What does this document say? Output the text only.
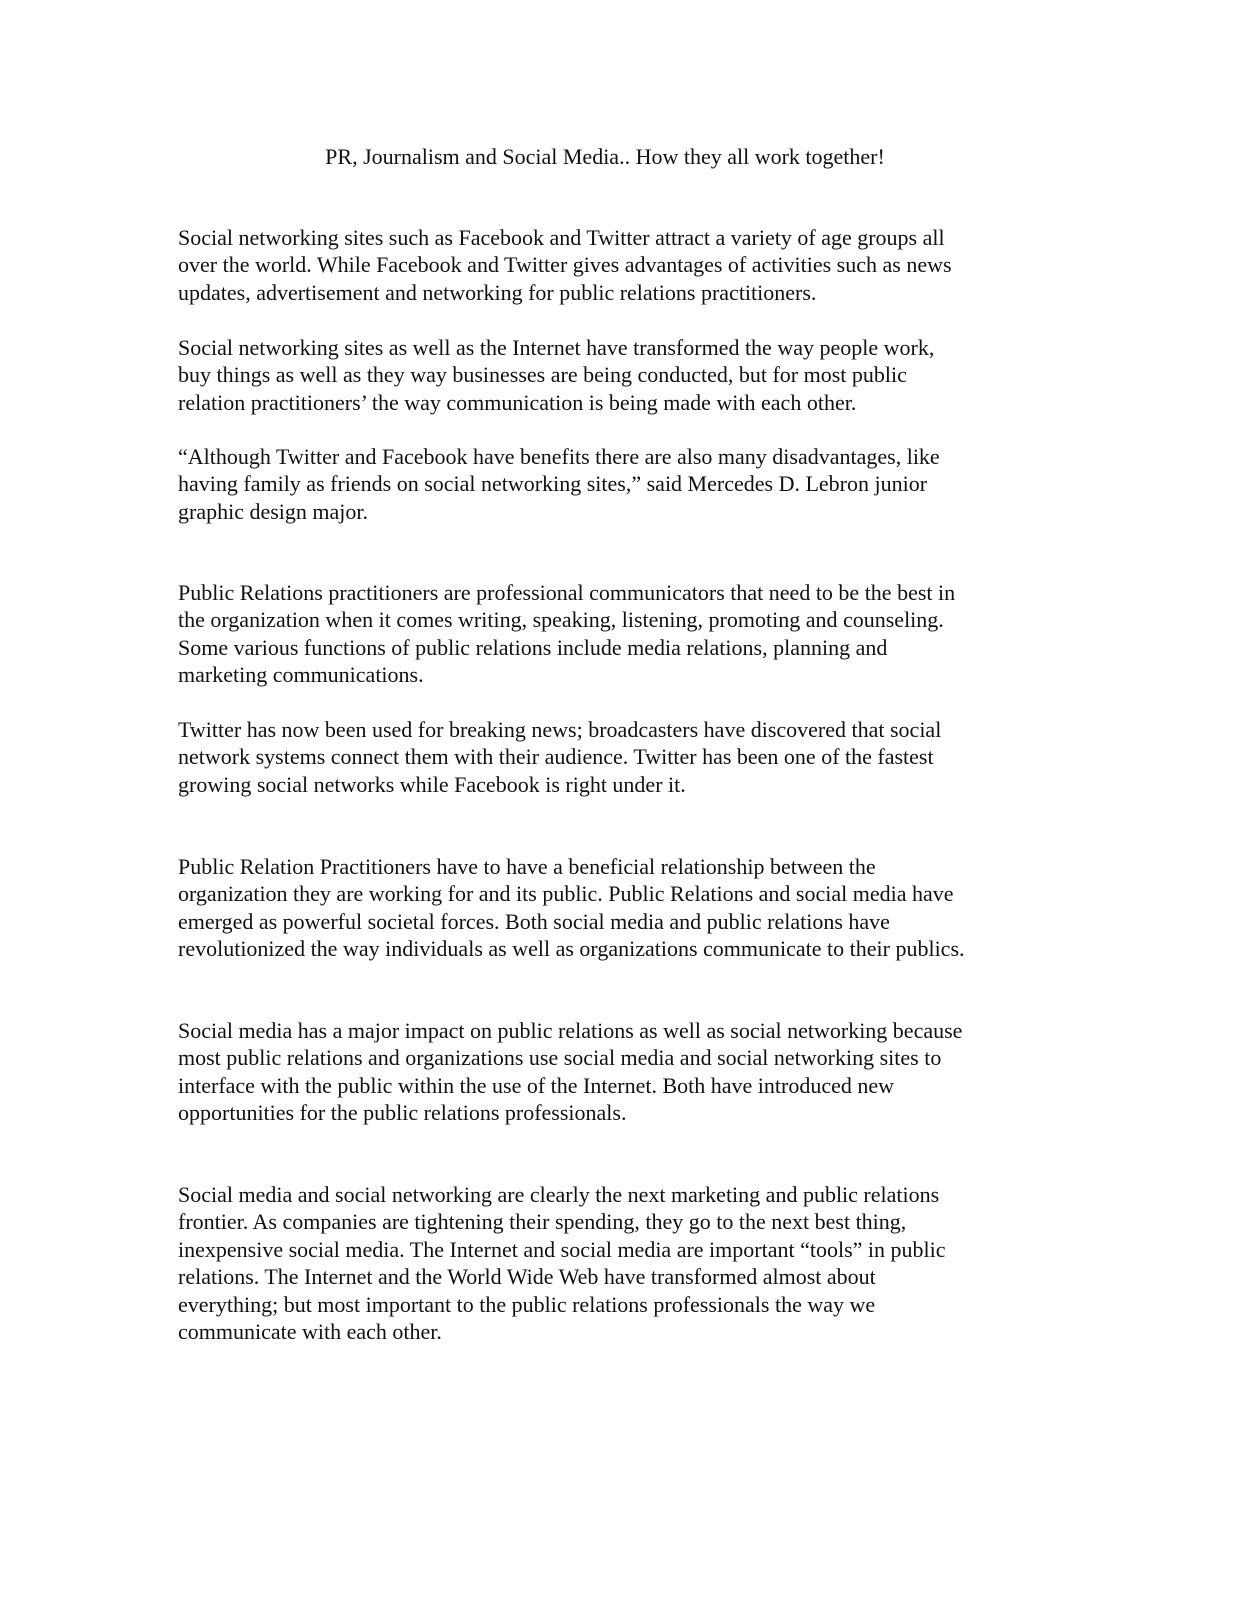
PR, Journalism and Social Media.. How they all work together!
Social networking sites such as Facebook and Twitter attract a variety of age groups all
over the world. While Facebook and Twitter gives advantages of activities such as news
updates, advertisement and networking for public relations practitioners.
Social networking sites as well as the Internet have transformed the way people work,
buy things as well as they way businesses are being conducted, but for most public
relation practitioners’ the way communication is being made with each other.
“Although Twitter and Facebook have benefits there are also many disadvantages, like
having family as friends on social networking sites,” said Mercedes D. Lebron junior
graphic design major.
Public Relations practitioners are professional communicators that need to be the best in
the organization when it comes writing, speaking, listening, promoting and counseling.
Some various functions of public relations include media relations, planning and
marketing communications.
Twitter has now been used for breaking news; broadcasters have discovered that social
network systems connect them with their audience. Twitter has been one of the fastest
growing social networks while Facebook is right under it.
Public Relation Practitioners have to have a beneficial relationship between the
organization they are working for and its public. Public Relations and social media have
emerged as powerful societal forces. Both social media and public relations have
revolutionized the way individuals as well as organizations communicate to their publics.
Social media has a major impact on public relations as well as social networking because
most public relations and organizations use social media and social networking sites to
interface with the public within the use of the Internet. Both have introduced new
opportunities for the public relations professionals.
Social media and social networking are clearly the next marketing and public relations
frontier. As companies are tightening their spending, they go to the next best thing,
inexpensive social media. The Internet and social media are important “tools” in public
relations. The Internet and the World Wide Web have transformed almost about
everything; but most important to the public relations professionals the way we
communicate with each other.
